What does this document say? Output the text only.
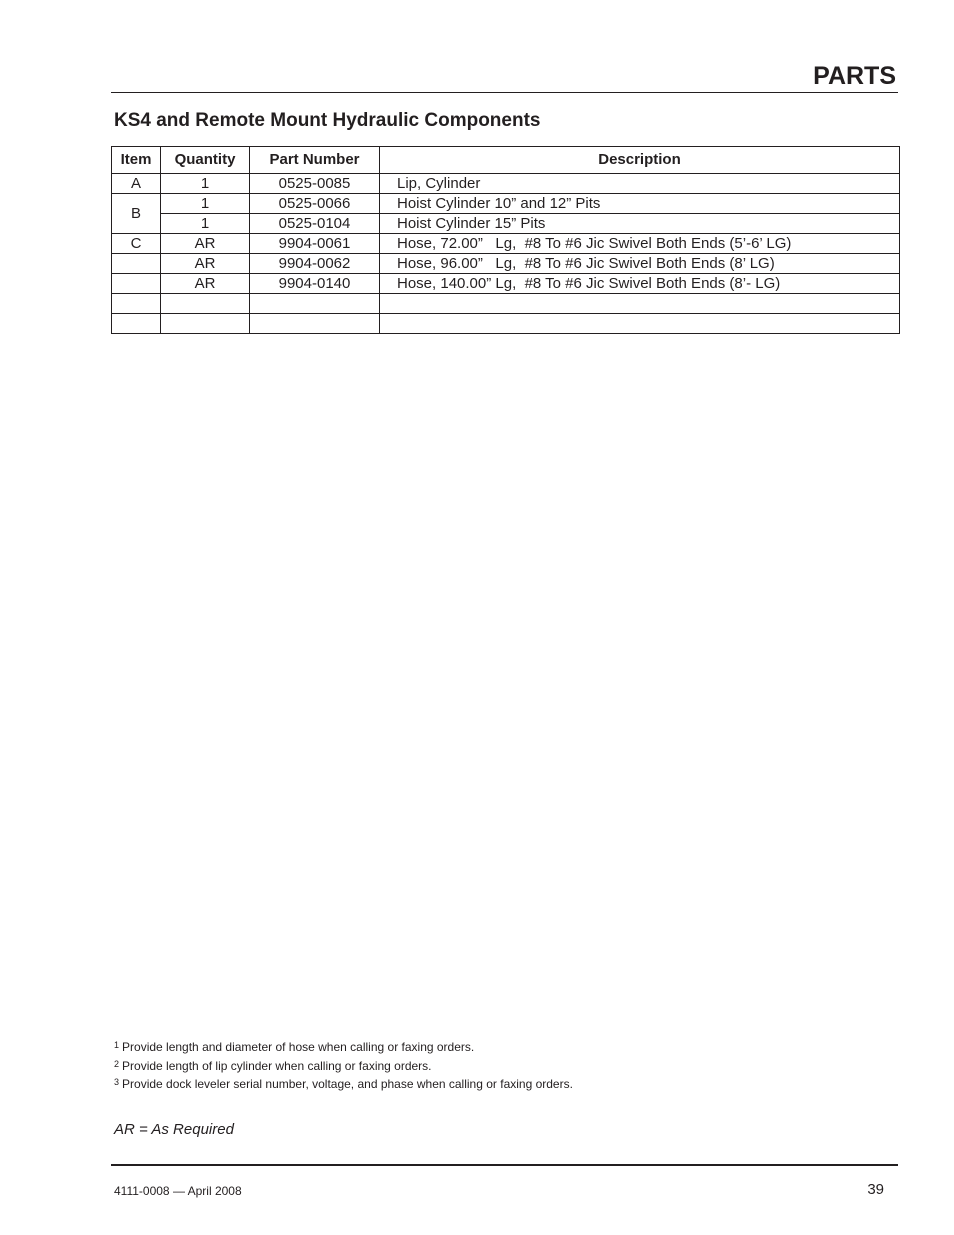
PARTS
KS4 and Remote Mount Hydraulic Components
Item	Quantity	Part Number	Description
A	1	0525-0085	Lip, Cylinder
B	1	0525-0066	Hoist Cylinder 10” and 12” Pits
	1	0525-0104	Hoist Cylinder 15” Pits
C	AR	9904-0061	Hose, 72.00”   Lg,  #8 To #6 Jic Swivel Both Ends (5’-6’ LG)
	AR	9904-0062	Hose, 96.00”   Lg,  #8 To #6 Jic Swivel Both Ends (8’ LG)
	AR	9904-0140	Hose, 140.00” Lg,  #8 To #6 Jic Swivel Both Ends (8’- LG)

$^1$ Provide length and diameter of hose when calling or faxing orders.
$^2$ Provide length of lip cylinder when calling or faxing orders.
$^3$ Provide dock leveler serial number, voltage, and phase when calling or faxing orders.
AR = As Required
4111-0008 — April 2008	39
